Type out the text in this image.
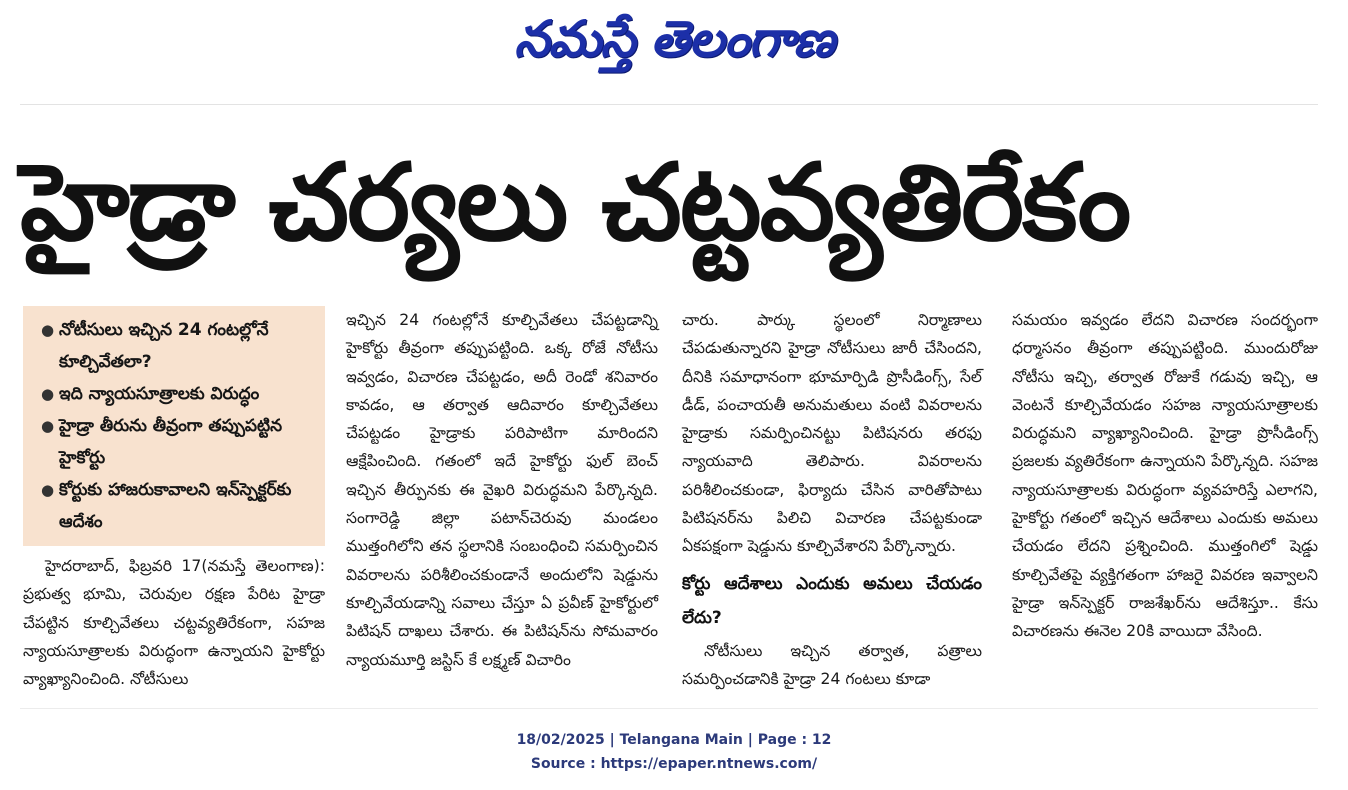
నమస్తే తెలంగాణ
హైడ్రా చర్యలు చట్టవ్యతిరేకం
● నోటీసులు ఇచ్చిన 24 గంటల్లోనే కూల్చివేతలా?
● ఇది న్యాయసూత్రాలకు విరుద్ధం
● హైడ్రా తీరును తీవ్రంగా తప్పుపట్టిన హైకోర్టు
● కోర్టుకు హాజరుకావాలని ఇన్‌స్పెక్టర్‌కు ఆదేశం

హైదరాబాద్, ఫిబ్రవరి 17(నమస్తే తెలంగాణ): ప్రభుత్వ భూమి, చెరువుల రక్షణ పేరిట హైడ్రా చేపట్టిన కూల్చివేతలు చట్టవ్యతిరేకంగా, సహజ న్యాయసూత్రాలకు విరుద్ధంగా ఉన్నాయని హైకోర్టు వ్యాఖ్యానించింది. నోటీసులు

ఇచ్చిన 24 గంటల్లోనే కూల్చివేతలు చేపట్టడాన్ని హైకోర్టు తీవ్రంగా తప్పుపట్టింది. ఒక్క రోజే నోటీసు ఇవ్వడం, విచారణ చేపట్టడం, అదీ రెండో శనివారం కావడం, ఆ తర్వాత ఆదివారం కూల్చివేతలు చేపట్టడం హైడ్రాకు పరిపాటిగా మారిందని ఆక్షేపించింది. గతంలో ఇదే హైకోర్టు ఫుల్ బెంచ్ ఇచ్చిన తీర్పునకు ఈ వైఖరి విరుద్ధమని పేర్కొన్నది. సంగారెడ్డి జిల్లా పటాన్‌చెరువు మండలం ముత్తంగిలోని తన స్థలానికి సంబంధించి సమర్పించిన వివరాలను పరిశీలించకుండానే అందులోని షెడ్డును కూల్చివేయడాన్ని సవాలు చేస్తూ ఏ ప్రవీణ్ హైకోర్టులో పిటిషన్ దాఖలు చేశారు. ఈ పిటిషన్‌ను సోమవారం న్యాయమూర్తి జస్టిస్ కే లక్ష్మణ్ విచారిం

చారు. పార్కు స్థలంలో నిర్మాణాలు చేపడుతున్నారని హైడ్రా నోటీసులు జారీ చేసిందని, దీనికి సమాధానంగా భూమార్పిడి ప్రొసీడింగ్స్, సేల్ డీడ్, పంచాయతీ అనుమతులు వంటి వివరాలను హైడ్రాకు సమర్పించినట్టు పిటిషనరు తరఫు న్యాయవాది తెలిపారు. వివరాలను పరిశీలించకుండా, ఫిర్యాదు చేసిన వారితోపాటు పిటిషనర్‌ను పిలిచి విచారణ చేపట్టకుండా ఏకపక్షంగా షెడ్డును కూల్చివేశారని పేర్కొన్నారు.

కోర్టు ఆదేశాలు ఎందుకు అమలు చేయడం లేదు?

నోటీసులు ఇచ్చిన తర్వాత, పత్రాలు సమర్పించడానికి హైడ్రా 24 గంటలు కూడా

సమయం ఇవ్వడం లేదని విచారణ సందర్భంగా ధర్మాసనం తీవ్రంగా తప్పుపట్టింది. ముందురోజు నోటీసు ఇచ్చి, తర్వాత రోజుకే గడువు ఇచ్చి, ఆ వెంటనే కూల్చివేయడం సహజ న్యాయసూత్రాలకు విరుద్ధమని వ్యాఖ్యానించింది. హైడ్రా ప్రొసీడింగ్స్ ప్రజలకు వ్యతిరేకంగా ఉన్నాయని పేర్కొన్నది. సహజ న్యాయసూత్రాలకు విరుద్ధంగా వ్యవహరిస్తే ఎలాగని, హైకోర్టు గతంలో ఇచ్చిన ఆదేశాలు ఎందుకు అమలు చేయడం లేదని ప్రశ్నించింది. ముత్తంగిలో షెడ్డు కూల్చివేతపై వ్యక్తిగతంగా హాజరై వివరణ ఇవ్వాలని హైడ్రా ఇన్‌స్పెక్టర్ రాజశేఖర్‌ను ఆదేశిస్తూ.. కేసు విచారణను ఈనెల 20కి వాయిదా వేసింది.

18/02/2025 | Telangana Main | Page : 12
Source : https://epaper.ntnews.com/
